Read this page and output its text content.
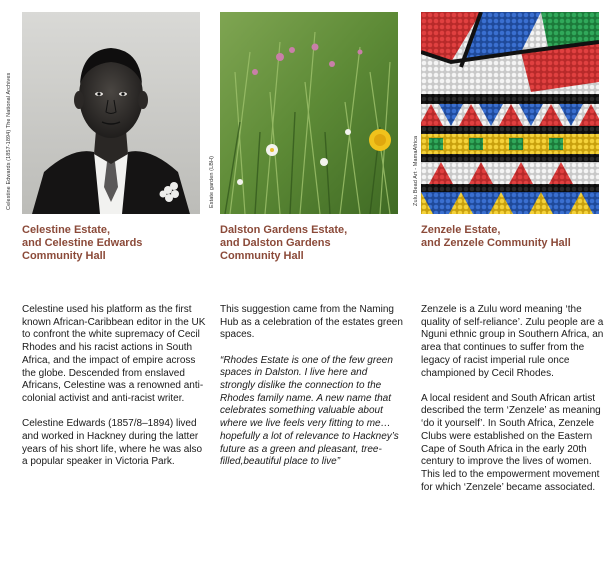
Celestine Estate,
and Celestine Edwards
Community Hall

Celestine used his platform as the first known African-Caribbean editor in the UK to confront the white supremacy of Cecil Rhodes and his racist actions in South Africa, and the impact of empire across the globe. Descended from enslaved Africans, Celestine was a renowned anti-colonial activist and anti-racist writer.

Celestine Edwards (1857/8–1894) lived and worked in Hackney during the latter years of his short life, where he was also a popular speaker in Victoria Park.

Celestine Edwards (1857-1894) The National Archives
Dalston Gardens Estate,
and Dalston Gardens
Community Hall

This suggestion came from the Naming Hub as a celebration of the estates green spaces.

“Rhodes Estate is one of the few green spaces in Dalston. I live here and strongly dislike the connection to the Rhodes family name. A new name that celebrates something valuable about where we live feels very fitting to me… hopefully a lot of relevance to Hackney’s future as a green and pleasant, tree-filled,beautiful place to live”

Estate garden (LBH)
Zenzele Estate,
and Zenzele Community Hall

Zenzele is a Zulu word meaning ‘the quality of self-reliance’. Zulu people are a Nguni ethnic group in Southern Africa, an area that continues to suffer from the legacy of racist imperial rule once championed by Cecil Rhodes.

A local resident and South African artist described the term ‘Zenzele’ as meaning ‘do it yourself’. In South Africa, Zenzele Clubs were established on the Eastern Cape of South Africa in the early 20th century to improve the lives of women. This led to the empowerment movement for which ‘Zenzele’ became associated.

Zulu Bead Art - MamaAfrica
